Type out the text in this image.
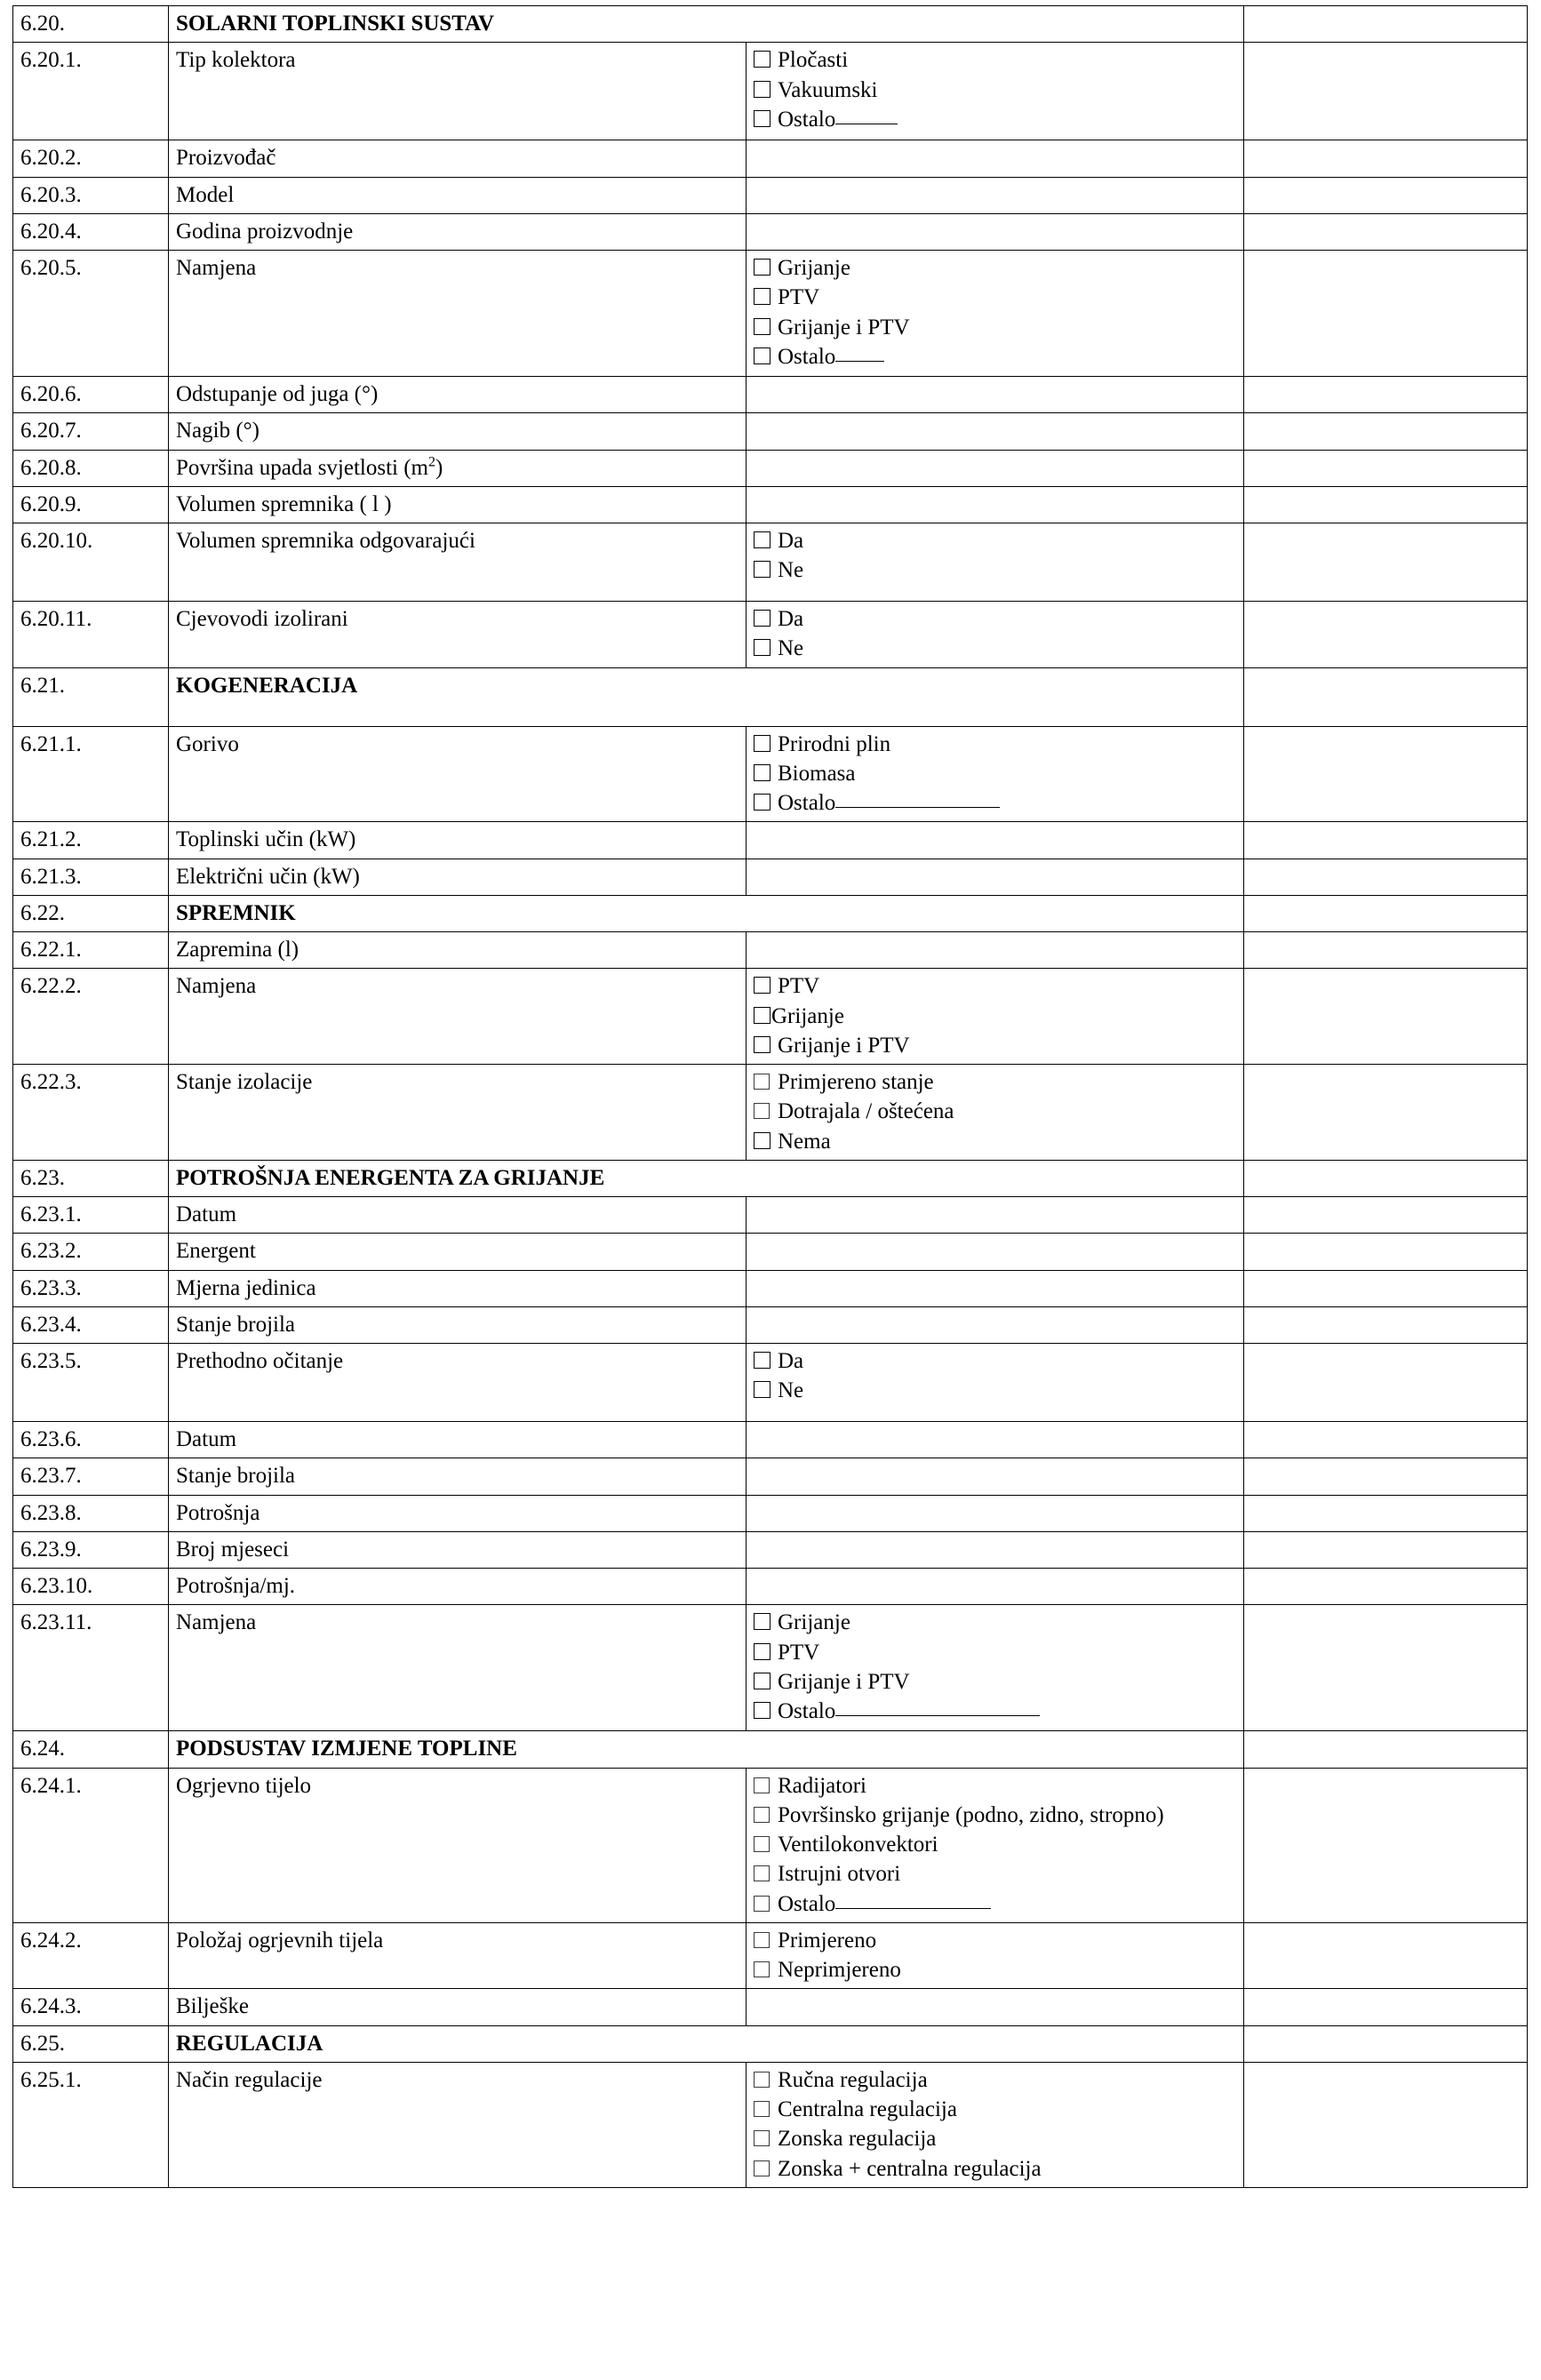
6.20.	SOLARNI TOPLINSKI SUSTAV		
6.20.1.	Tip kolektora	Pločasti
Vakuumski
Ostalo	

6.20.2.	Proizvođač		
6.20.3.	Model		
6.20.4.	Godina proizvodnje		
6.20.5.	Namjena	Grijanje
PTV
Grijanje i PTV
Ostalo	

6.20.6.	Odstupanje od juga (°)		
6.20.7.	Nagib (°)		
6.20.8.	Površina upada svjetlosti $(m^2)$		
6.20.9.	Volumen spremnika ( l )		
6.20.10.	Volumen spremnika odgovarajući	Da
Ne	

6.20.11.	Cjevovodi izolirani	Da
Ne	

6.21.	KOGENERACIJA		
6.21.1.	Gorivo	Prirodni plin
Biomasa
Ostalo	

6.21.2.	Toplinski učin (kW)		
6.21.3.	Električni učin (kW)		
6.22.	SPREMNIK		
6.22.1.	Zapremina (l)		
6.22.2.	Namjena	PTV
Grijanje
Grijanje i PTV	

6.22.3.	Stanje izolacije	Primjereno stanje
Dotrajala / oštećena
Nema	

6.23.	POTROŠNJA ENERGENTA ZA GRIJANJE		
6.23.1.	Datum		
6.23.2.	Energent		
6.23.3.	Mjerna jedinica		
6.23.4.	Stanje brojila		
6.23.5.	Prethodno očitanje	Da
Ne	

6.23.6.	Datum		
6.23.7.	Stanje brojila		
6.23.8.	Potrošnja		
6.23.9.	Broj mjeseci		
6.23.10.	Potrošnja/mj.		
6.23.11.	Namjena	Grijanje
PTV
Grijanje i PTV
Ostalo	

6.24.	PODSUSTAV IZMJENE TOPLINE		
6.24.1.	Ogrjevno tijelo	Radijatori
Površinsko grijanje (podno, zidno, stropno)
Ventilokonvektori
Istrujni otvori
Ostalo	

6.24.2.	Položaj ogrjevnih tijela	Primjereno
Neprimjereno	

6.24.3.	Bilješke		
6.25.	REGULACIJA		
6.25.1.	Način regulacije	Ručna regulacija
Centralna regulacija
Zonska regulacija
Zonska + centralna regulacija	
